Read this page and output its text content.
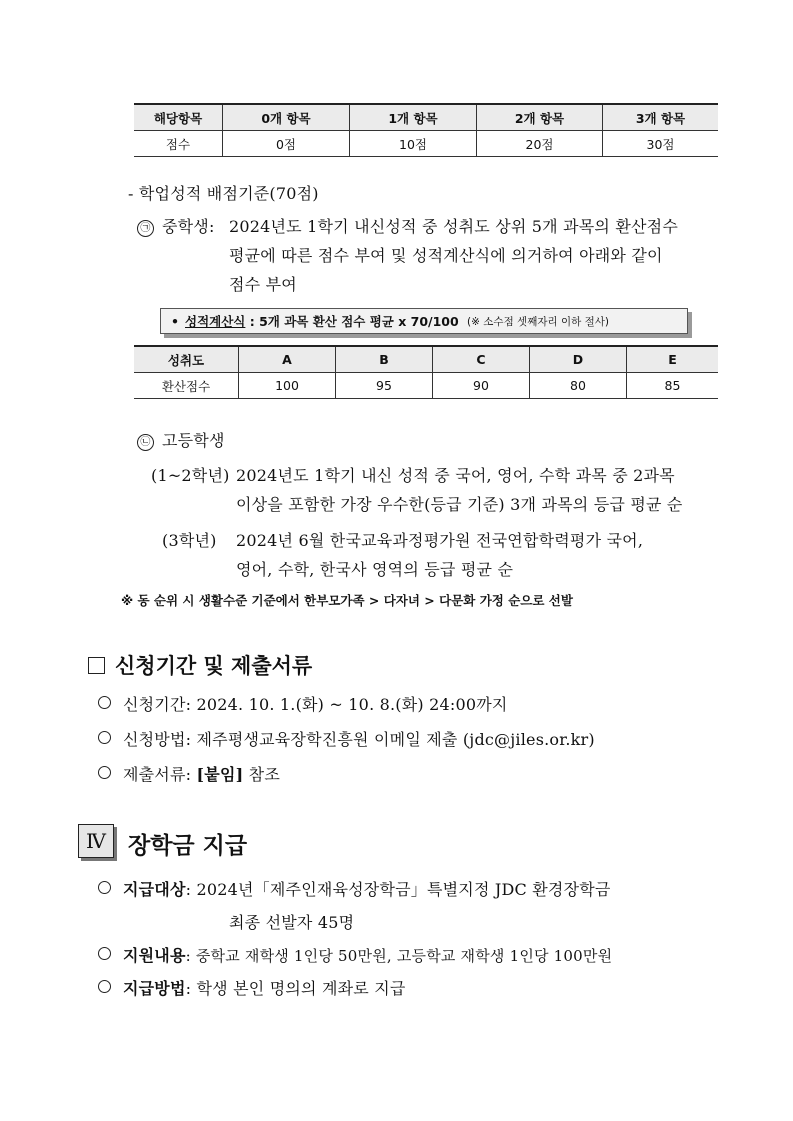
해당항목	0개 항목	1개 항목	2개 항목	3개 항목
점수	0점	10점	20점	30점
- 학업성적 배점기준(70점)
㉠ 중학생: 2024년도 1학기 내신성적 중 성취도 상위 5개 과목의 환산점수
평균에 따른 점수 부여 및 성적계산식에 의거하여 아래와 같이
점수 부여
• 성적계산식 : 5개 과목 환산 점수 평균 x 70/100 (※ 소수점 셋째자리 이하 절사)
성취도	A	B	C	D	E
환산점수	100	95	90	80	85
㉡ 고등학생
(1~2학년) 2024년도 1학기 내신 성적 중 국어, 영어, 수학 과목 중 2과목
이상을 포함한 가장 우수한(등급 기준) 3개 과목의 등급 평균 순
(3학년) 2024년 6월 한국교육과정평가원 전국연합학력평가 국어,
영어, 수학, 한국사 영역의 등급 평균 순
※ 동 순위 시 생활수준 기준에서 한부모가족 > 다자녀 > 다문화 가정 순으로 선발
신청기간 및 제출서류
신청기간: 2024. 10. 1.(화) ~ 10. 8.(화) 24:00까지
신청방법: 제주평생교육장학진흥원 이메일 제출 (jdc@jiles.or.kr)
제출서류: [붙임] 참조
Ⅳ 장학금 지급
지급대상: 2024년「제주인재육성장학금」특별지정 JDC 환경장학금
최종 선발자 45명
지원내용: 중학교 재학생 1인당 50만원, 고등학교 재학생 1인당 100만원
지급방법: 학생 본인 명의의 계좌로 지급
